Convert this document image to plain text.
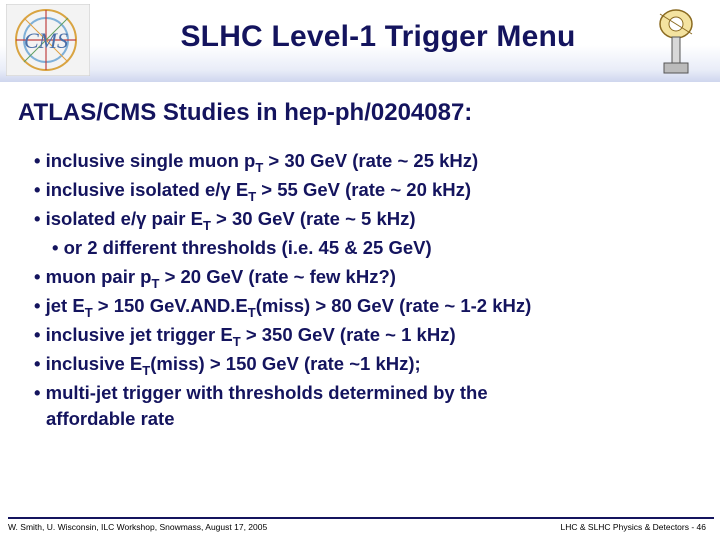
CMS	SLHC Level-1 Trigger Menu
ATLAS/CMS Studies in hep-ph/0204087:
• inclusive single muon $p_T > 30$ GeV (rate ~ 25 kHz)
• inclusive isolated e/γ $E_T > 55$ GeV (rate ~ 20 kHz)
• isolated e/γ pair $E_T > 30$ GeV (rate ~ 5 kHz)
• or 2 different thresholds (i.e. 45 & 25 GeV)
• muon pair $p_T > 20$ GeV (rate ~ few kHz?)
• jet $E_T > 150$ $GeV.AND.E_T(miss) > 80$ GeV (rate ~ 1-2 kHz)
• inclusive jet trigger $E_T > 350$ GeV (rate ~ 1 kHz)
• inclusive $E_T(miss) > 150$ GeV (rate ~1 kHz);
• multi-jet trigger with thresholds determined by the
affordable rate
W. Smith, U. Wisconsin, ILC Workshop, Snowmass, August 17, 2005	LHC & SLHC Physics & Detectors - 46
